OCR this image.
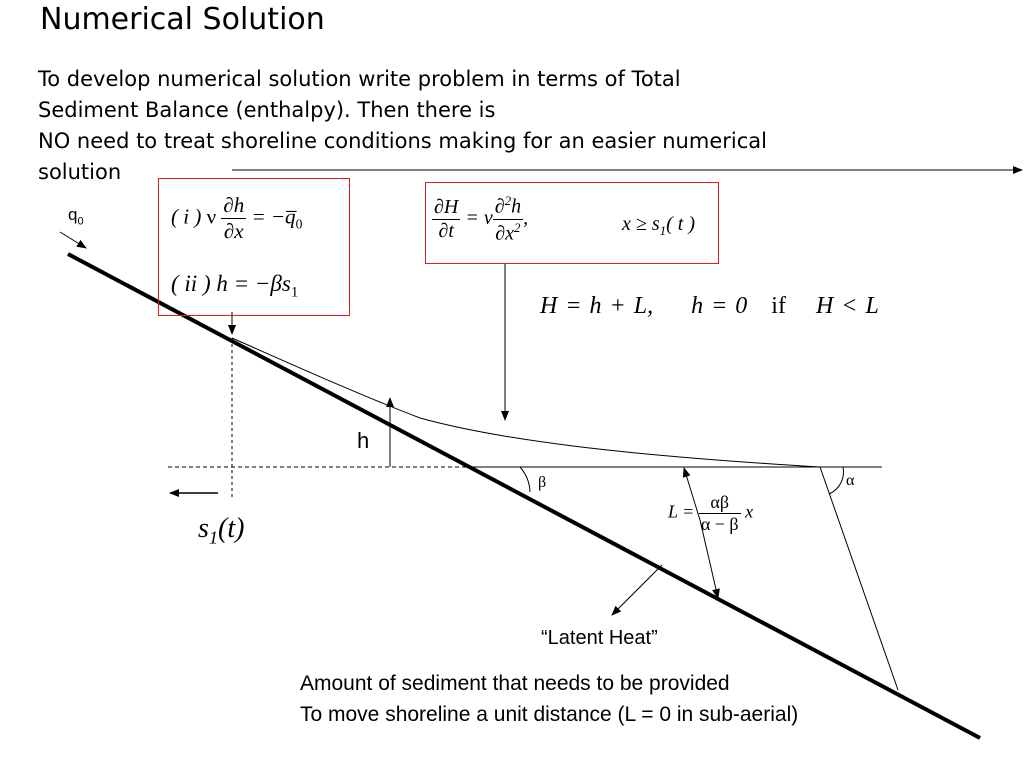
Numerical Solution
To develop numerical solution write problem in terms of Total
Sediment Balance (enthalpy). Then there is
NO need to treat shoreline conditions making for an easier numerical
solution
( i ) ν $\frac{\partial h}{\partial x}$ = $-q̅_0$
( ii ) $h = -\beta s_1$
$\frac{\partial H}{\partial t} = \nu \frac{\partial^2h}{\partial x^2}$ ,	$x \ge s_1$( t )
H = h + L, h = 0 if H < L
$q_0$
h
β	α
$s_1(t)$
$L = \frac{\alpha\beta}{\alpha - \beta}$ x
“Latent Heat”
Amount of sediment that needs to be provided
To move shoreline a unit distance (L = 0 in sub-aerial)
